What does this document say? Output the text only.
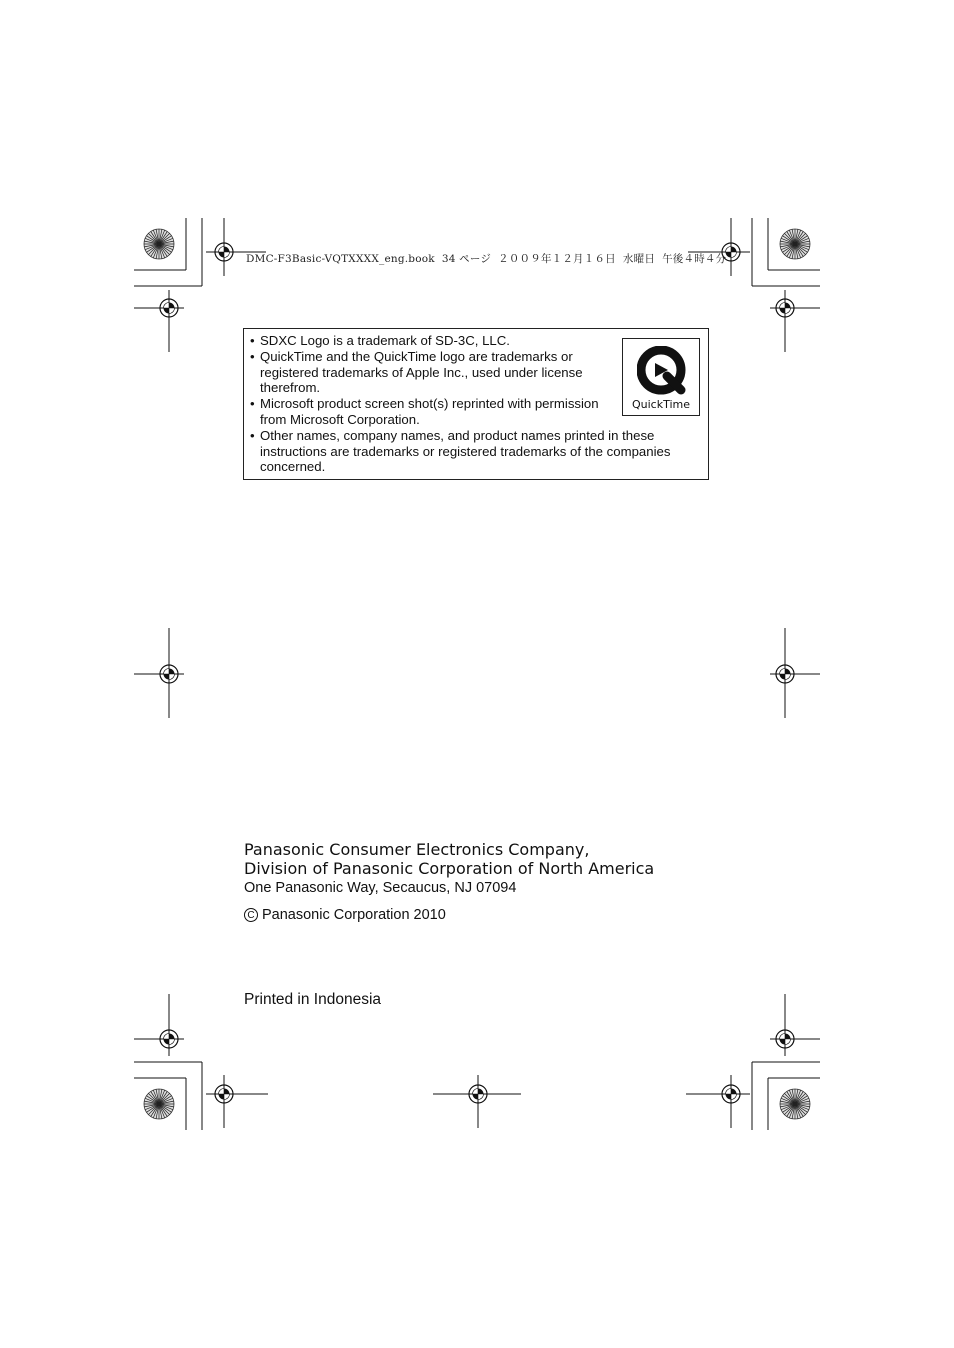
DMC-F3Basic-VQTXXXX_eng.book  34 ページ  ２００９年１２月１６日  水曜日  午後４時４分
• SDXC Logo is a trademark of SD-3C, LLC.
• QuickTime and the QuickTime logo are trademarks or registered trademarks of Apple Inc., used under license therefrom.
• Microsoft product screen shot(s) reprinted with permission from Microsoft Corporation.
• Other names, company names, and product names printed in these instructions are trademarks or registered trademarks of the companies concerned.
QuickTime
Panasonic Consumer Electronics Company,
Division of Panasonic Corporation of North America
One Panasonic Way, Secaucus, NJ 07094
C Panasonic Corporation 2010
Printed in Indonesia
